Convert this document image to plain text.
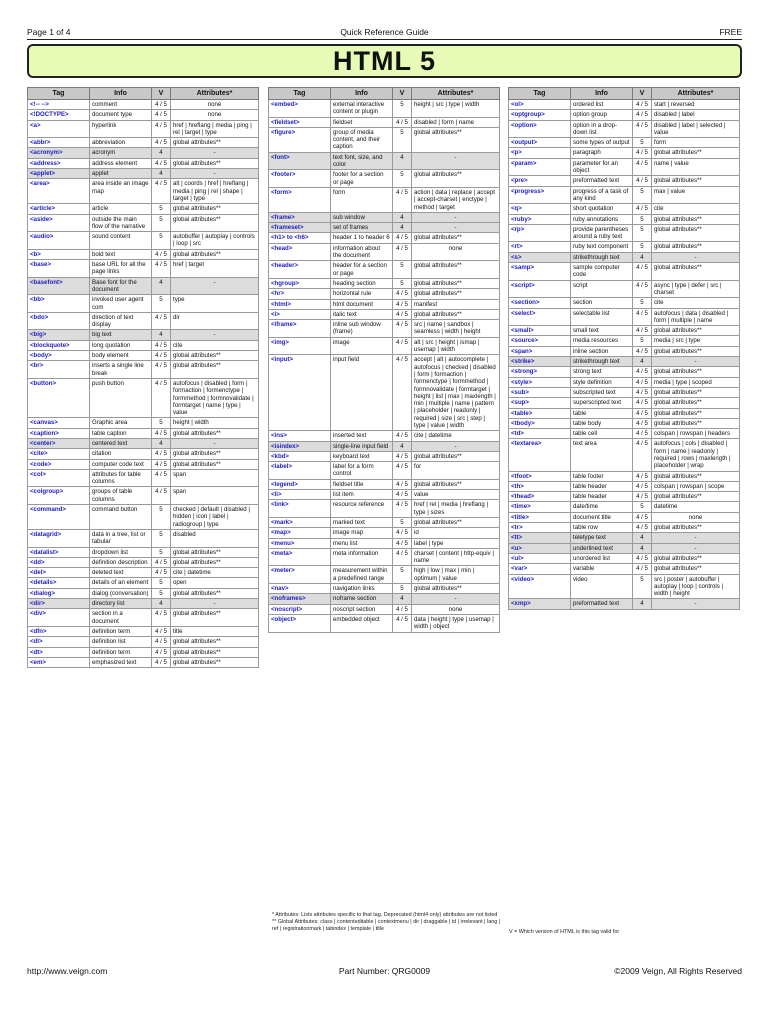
Page 1 of 4	Quick Reference Guide	FREE
HTML 5
Tag	Info	V	Attributes*
<!-- -->	comment	4 / 5	none
<!DOCTYPE>	document type	4 / 5	none
<a>	hyperlink	4 / 5	href | hreflang | media | ping | rel | target | type
<abbr>	abbreviation	4 / 5	global attributes**
<acronym>	acronym	4	-
<address>	address element	4 / 5	global attributes**
<applet>	applet	4	-
<area>	area inside an image map	4 / 5	alt | coords | href | hreflang | media | ping | rel | shape | target | type
<article>	article	5	global attributes**
<aside>	outside the main flow of the narrative	5	global attributes**
<audio>	sound content	5	autobuffer | autoplay | controls | loop | src
<b>	bold text	4 / 5	global attributes**
<base>	base URL for all the page links	4 / 5	href | target
<basefont>	Base font for the document	4	-
<bb>	invoked user agent com	5	type
<bdo>	direction of text display	4 / 5	dir
<big>	big text	4	-
<blockquote>	long quotation	4 / 5	cite
<body>	body element	4 / 5	global attributes**
<br>	inserts a single line break	4 / 5	global attributes**
<button>	push button	4 / 5	autofocus | disabled | form | formaction | formenctype | formmethod | formnovalidate | formtarget | name | type | value
<canvas>	Graphic area	5	height | width
<caption>	table caption	4 / 5	global attributes**
<center>	centered text	4	-
<cite>	citation	4 / 5	global attributes**
<code>	computer code text	4 / 5	global attributes**
<col>	attributes for table columns	4 / 5	span
<colgroup>	groups of table columns	4 / 5	span
<command>	command button	5	checked | default | disabled | hidden | icon | label | radiogroup | type
<datagrid>	data in a tree, list or tabular	5	disabled
<datalist>	dropdown list	5	global attributes**
<dd>	definition description	4 / 5	global attributes**
<del>	deleted text	4 / 5	cite | datetime
<details>	details of an element	5	open
<dialog>	dialog (conversation)	5	global attributes**
<dir>	directory list	4	-
<div>	section in a document	4 / 5	global attributes**
<dfn>	definition term	4 / 5	title
<dl>	definition list	4 / 5	global attributes**
<dt>	definition term	4 / 5	global attributes**
<em>	emphasized text	4 / 5	global attributes**
Tag	Info	V	Attributes*
<embed>	external interactive content or plugin	5	height | src | type | width
<fieldset>	fieldset	4 / 5	disabled | form | name
<figure>	group of media content, and their caption	5	global attributes**
<font>	text font, size, and color	4	-
<footer>	footer for a section or page	5	global attributes**
<form>	form	4 / 5	action | data | replace | accept | accept-charset | enctype | method | target
<frame>	sub window	4	-
<frameset>	set of frames	4	-
<h1> to <h6>	header 1 to header 6	4 / 5	global attributes**
<head>	information about the document	4 / 5	none
<header>	header for a section or page	5	global attributes**
<hgroup>	heading section	5	global attributes**
<hr>	horizontal rule	4 / 5	global attributes**
<html>	html document	4 / 5	manifest
<i>	italic text	4 / 5	global attributes**
<iframe>	inline sub window (frame)	4 / 5	src | name | sandbox | seamless | width | height
<img>	image	4 / 5	alt | src | height | ismap | usemap | width
<input>	input field	4 / 5	accept | alt | autocomplete | autofocus | checked | disabled | form | formaction | formenctype | formmethod | formnovalidate | formtarget | height | list | max | maxlength | min | multiple | name | pattern | placeholder | readonly | required | size | src | step | type | value | width
<ins>	inserted text	4 / 5	cite | datetime
<isindex>	single-line input field	4	-
<kbd>	keyboard text	4 / 5	global attributes**
<label>	label for a form control	4 / 5	for
<legend>	fieldset title	4 / 5	global attributes**
<li>	list item	4 / 5	value
<link>	resource reference	4 / 5	href | rel | media | hreflang | type | sizes
<mark>	marked text	5	global attributes**
<map>	image map	4 / 5	id
<menu>	menu list	4 / 5	label | type
<meta>	meta information	4 / 5	charset | content | http-equiv | name
<meter>	measurement within a predefined range	5	high | low | max | min | optimum | value
<nav>	navigation links	5	global attributes**
<noframes>	noframe section	4	-
<noscript>	noscript section	4 / 5	none
<object>	embedded object	4 / 5	data | height | type | usemap | width | object
Tag	Info	V	Attributes*
<ol>	ordered list	4 / 5	start | reversed
<optgroup>	option group	4 / 5	disabled | label
<option>	option in a drop-down list	4 / 5	disabled | label | selected | value
<output>	some types of output	5	form
<p>	paragraph	4 / 5	global attributes**
<param>	parameter for an object	4 / 5	name | value
<pre>	preformatted text	4 / 5	global attributes**
<progress>	progress of a task of any kind	5	max | value
<q>	short quotation	4 / 5	cite
<ruby>	ruby annotations	5	global attributes**
<rp>	provide parentheses around a ruby text	5	global attributes**
<rt>	ruby text component	5	global attributes**
<s>	strikethrough text	4	-
<samp>	sample computer code	4 / 5	global attributes**
<script>	script	4 / 5	async | type | defer | src | charset
<section>	section	5	cite
<select>	selectable list	4 / 5	autofocus | data | disabled | form | multiple | name
<small>	small text	4 / 5	global attributes**
<source>	media resources	5	media | src | type
<span>	inline section	4 / 5	global attributes**
<strike>	strikethrough text	4	-
<strong>	strong text	4 / 5	global attributes**
<style>	style definition	4 / 5	media | type | scoped
<sub>	subscripted text	4 / 5	global attributes**
<sup>	superscripted text	4 / 5	global attributes**
<table>	table	4 / 5	global attributes**
<tbody>	table body	4 / 5	global attributes**
<td>	table cell	4 / 5	colspan | rowspan | headers
<textarea>	text area	4 / 5	autofocus | cols | disabled | form | name | readonly | required | rows | maxlength | placeholder | wrap
<tfoot>	table footer	4 / 5	global attributes**
<th>	table header	4 / 5	colspan | rowspan | scope
<thead>	table header	4 / 5	global attributes**
<time>	date/time	5	datetime
<title>	document title	4 / 5	none
<tr>	table row	4 / 5	global attributes**
<tt>	teletype text	4	-
<u>	underlined text	4	-
<ul>	unordered list	4 / 5	global attributes**
<var>	variable	4 / 5	global attributes**
<video>	video	5	src | poster | autobuffer | autoplay | loop | controls | width | height
<xmp>	preformatted text	4	-
* Attributes: Lists attributes specific to that tag. Deprecated (html4 only) attributes are not listed
** Global Attributes: class | contenteditable | contextmenu | dir | draggable | id | irrelevant | lang | ref | registrationmark | tabindex | template | title	V = Which version of HTML is this tag valid for
http://www.veign.com	Part Number: QRG0009	©2009 Veign, All Rights Reserved
